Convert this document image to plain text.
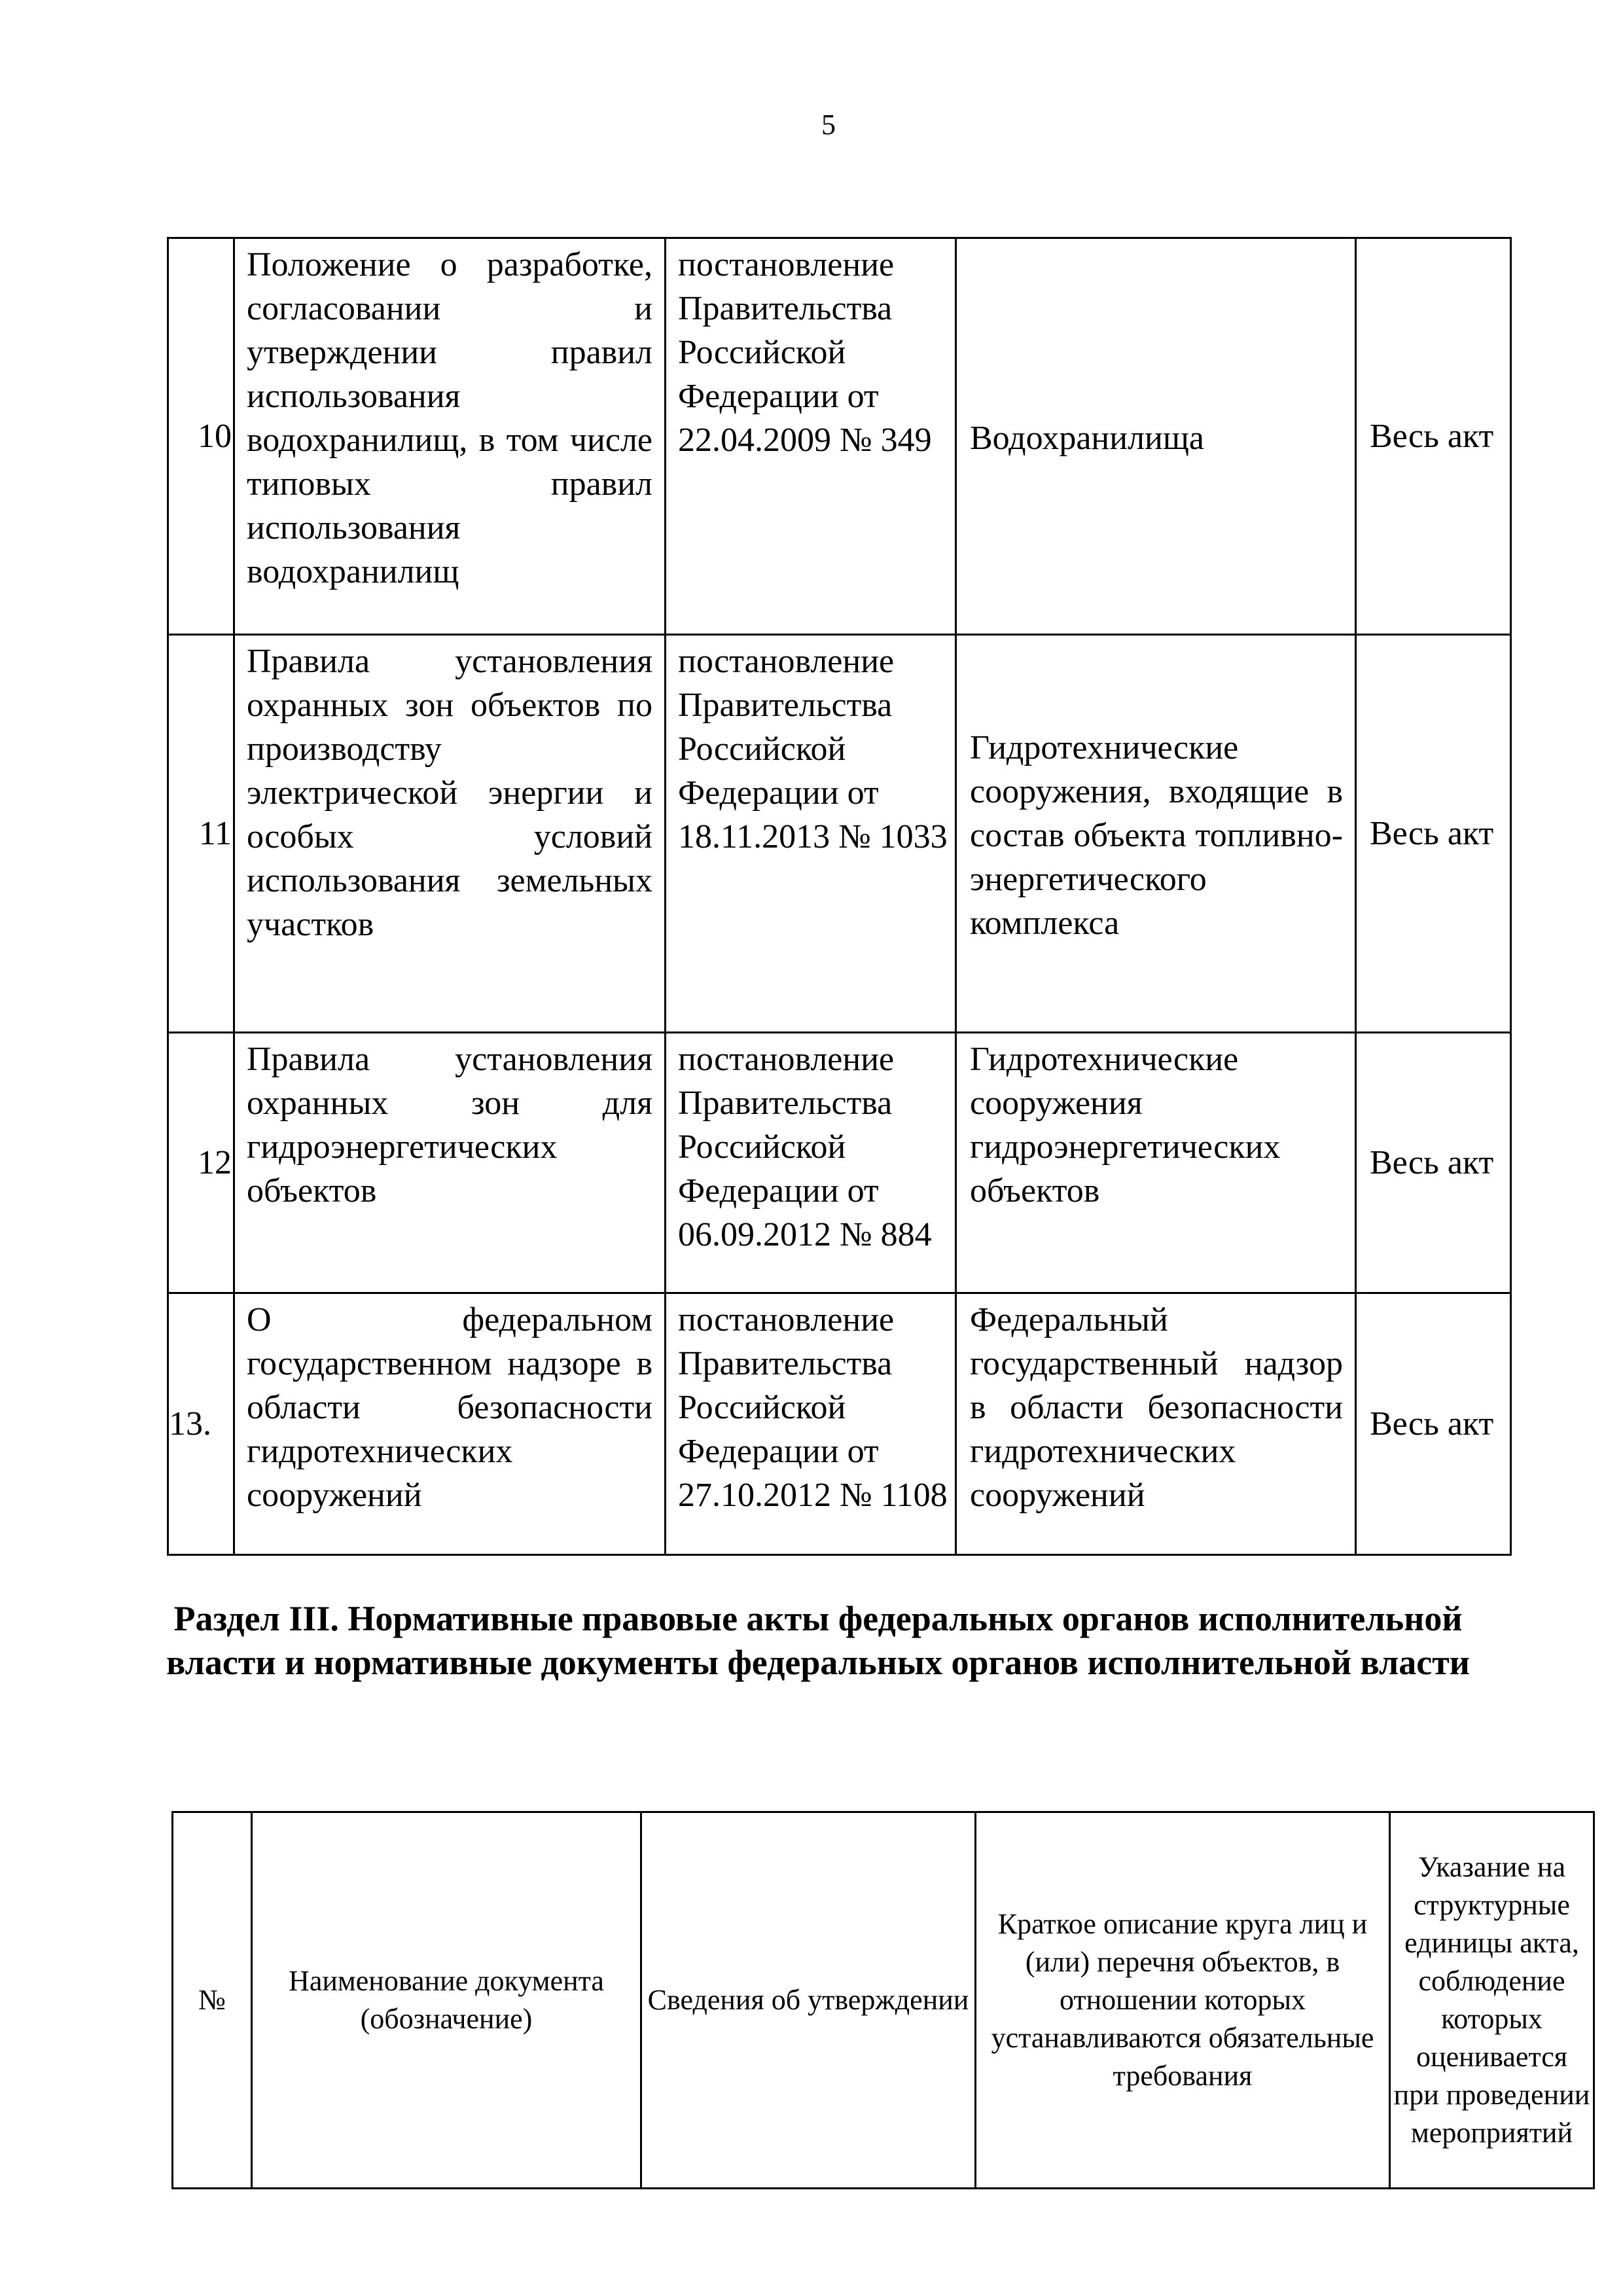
5
10	Положение о разработке, согласовании и утверждении правил использования водохранилищ, в том числе типовых правил использования водохранилищ	постановление Правительства Российской Федерации от 22.04.2009 № 349	Водохранилища	Весь акт
11	Правила установления охранных зон объектов по производству электрической энергии и особых условий использования земельных участков	постановление Правительства Российской Федерации от 18.11.2013 № 1033	Гидротехнические сооружения, входящие в состав объекта топливно-энергетического комплекса	Весь акт
12	Правила установления охранных зон для гидроэнергетических объектов	постановление Правительства Российской Федерации от 06.09.2012 № 884	Гидротехнические сооружения гидроэнергетических объектов	Весь акт
13.	О федеральном государственном надзоре в области безопасности гидротехнических сооружений	постановление Правительства Российской Федерации от 27.10.2012 № 1108	Федеральный государственный надзор в области безопасности гидротехнических сооружений	Весь акт
Раздел III. Нормативные правовые акты федеральных органов исполнительной власти и нормативные документы федеральных органов исполнительной власти
№	Наименование документа (обозначение)	Сведения об утверждении	Краткое описание круга лиц и (или) перечня объектов, в отношении которых устанавливаются обязательные требования	Указание на структурные единицы акта, соблюдение которых оценивается при проведении мероприятий
